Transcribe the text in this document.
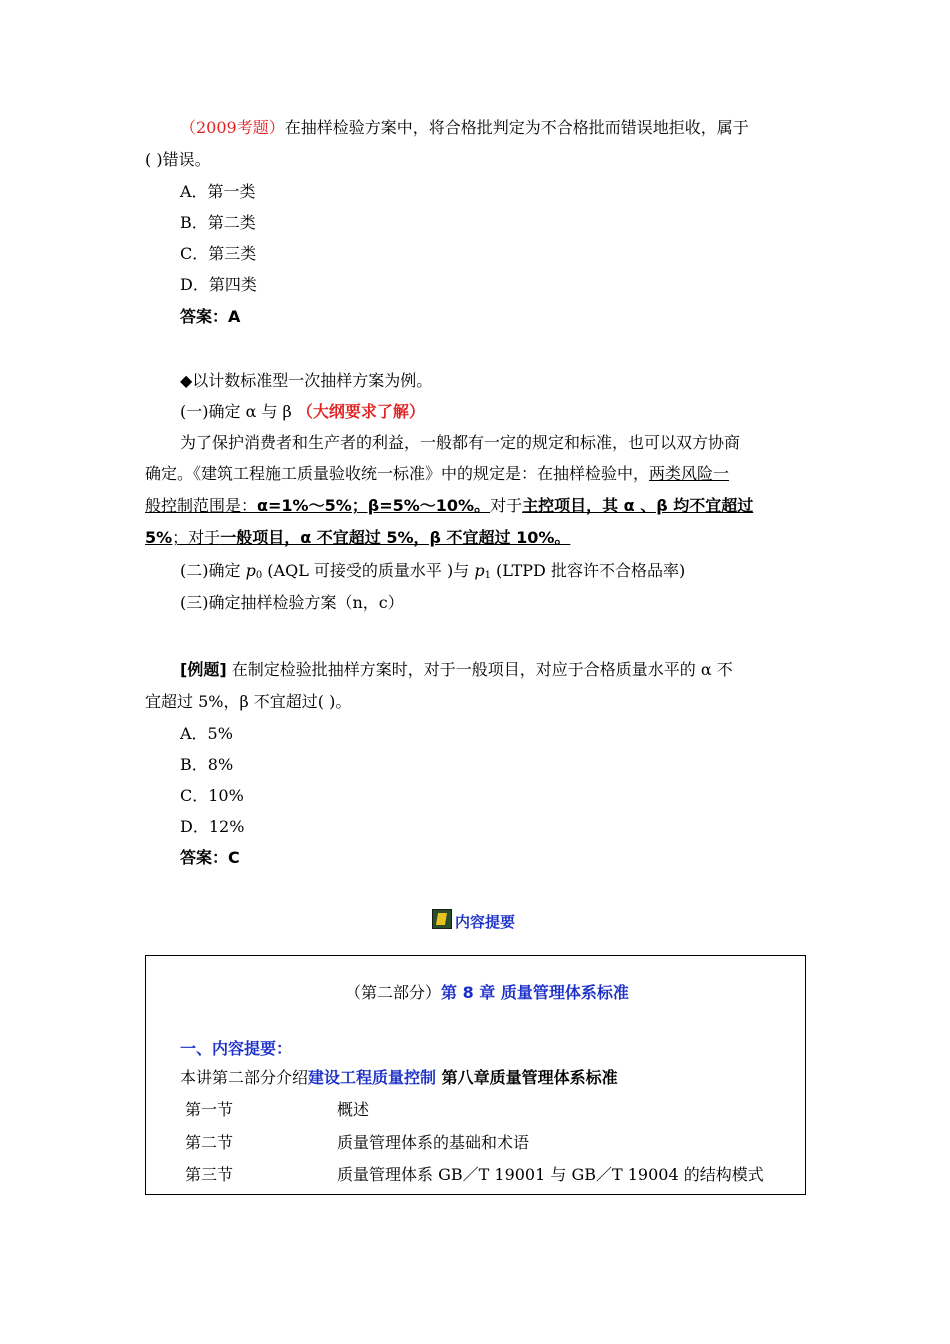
（2009考题）在抽样检验方案中，将合格批判定为不合格批而错误地拒收，属于
( )错误。
A．第一类
B．第二类
C．第三类
D．第四类
答案：A
◆以计数标准型一次抽样方案为例。
(一)确定 α 与 β （大纲要求了解）
为了保护消费者和生产者的利益，一般都有一定的规定和标准，也可以双方协商
确定。《建筑工程施工质量验收统一标准》中的规定是：在抽样检验中，两类风险一
般控制范围是：α=1%～5%；β=5%～10%。对于主控项目，其 α 、β 均不宜超过
5%；对于一般项目，α 不宜超过 5%，β 不宜超过 10%。
(二)确定 $p_0$ (AQL 可接受的质量水平 )与 $p_1$ (LTPD 批容许不合格品率)
(三)确定抽样检验方案（n，c）
[例题] 在制定检验批抽样方案时，对于一般项目，对应于合格质量水平的 α 不
宜超过 5%，β 不宜超过( )。
A．5%
B．8%
C．10%
D．12%
答案：C
内容提要
（第二部分）第 8 章 质量管理体系标准
一、内容提要：
本讲第二部分介绍建设工程质量控制 第八章质量管理体系标准
第一节	概述
第二节	质量管理体系的基础和术语
第三节	质量管理体系 GB／T 19001 与 GB／T 19004 的结构模式
